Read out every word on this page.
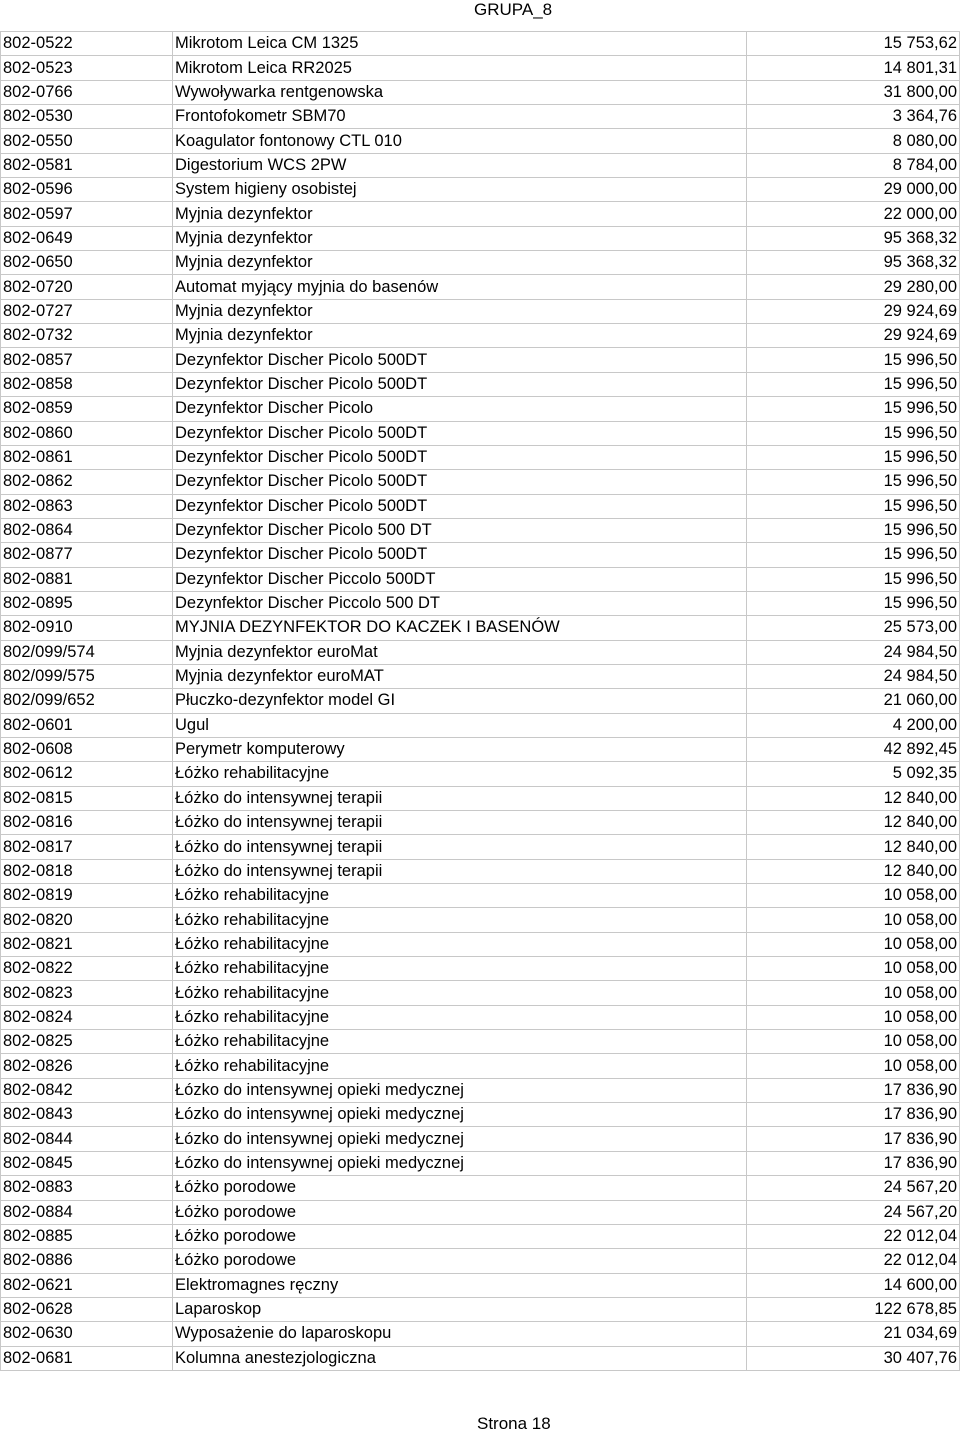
GRUPA_8
802-0522	Mikrotom Leica CM 1325	15 753,62
802-0523	Mikrotom Leica RR2025	14 801,31
802-0766	Wywoływarka rentgenowska	31 800,00
802-0530	Frontofokometr SBM70	3 364,76
802-0550	Koagulator fontonowy CTL 010	8 080,00
802-0581	Digestorium WCS 2PW	8 784,00
802-0596	System higieny osobistej	29 000,00
802-0597	Myjnia dezynfektor	22 000,00
802-0649	Myjnia dezynfektor	95 368,32
802-0650	Myjnia dezynfektor	95 368,32
802-0720	Automat myjący myjnia do basenów	29 280,00
802-0727	Myjnia dezynfektor	29 924,69
802-0732	Myjnia dezynfektor	29 924,69
802-0857	Dezynfektor Discher Picolo 500DT	15 996,50
802-0858	Dezynfektor Discher Picolo 500DT	15 996,50
802-0859	Dezynfektor Discher Picolo	15 996,50
802-0860	Dezynfektor Discher Picolo 500DT	15 996,50
802-0861	Dezynfektor Discher Picolo 500DT	15 996,50
802-0862	Dezynfektor Discher Picolo 500DT	15 996,50
802-0863	Dezynfektor Discher Picolo 500DT	15 996,50
802-0864	Dezynfektor Discher Picolo 500 DT	15 996,50
802-0877	Dezynfektor Discher Picolo 500DT	15 996,50
802-0881	Dezynfektor Discher Piccolo 500DT	15 996,50
802-0895	Dezynfektor Discher Piccolo 500 DT	15 996,50
802-0910	MYJNIA DEZYNFEKTOR DO KACZEK I BASENÓW	25 573,00
802/099/574	Myjnia dezynfektor euroMat	24 984,50
802/099/575	Myjnia dezynfektor euroMAT	24 984,50
802/099/652	Płuczko-dezynfektor model GI	21 060,00
802-0601	Ugul	4 200,00
802-0608	Perymetr komputerowy	42 892,45
802-0612	Łóżko rehabilitacyjne	5 092,35
802-0815	Łóżko do intensywnej terapii	12 840,00
802-0816	Łóżko do intensywnej terapii	12 840,00
802-0817	Łóżko do intensywnej terapii	12 840,00
802-0818	Łóżko do intensywnej terapii	12 840,00
802-0819	Łóżko rehabilitacyjne	10 058,00
802-0820	Łóżko rehabilitacyjne	10 058,00
802-0821	Łóżko rehabilitacyjne	10 058,00
802-0822	Łóżko rehabilitacyjne	10 058,00
802-0823	Łóżko rehabilitacyjne	10 058,00
802-0824	Łózko rehabilitacyjne	10 058,00
802-0825	Łóżko rehabilitacyjne	10 058,00
802-0826	Łóżko rehabilitacyjne	10 058,00
802-0842	Łózko do intensywnej opieki medycznej	17 836,90
802-0843	Łózko do intensywnej opieki medycznej	17 836,90
802-0844	Łózko do intensywnej opieki medycznej	17 836,90
802-0845	Łózko do intensywnej opieki medycznej	17 836,90
802-0883	Łóżko porodowe	24 567,20
802-0884	Łóżko porodowe	24 567,20
802-0885	Łóżko porodowe	22 012,04
802-0886	Łóżko porodowe	22 012,04
802-0621	Elektromagnes ręczny	14 600,00
802-0628	Laparoskop	122 678,85
802-0630	Wyposażenie do laparoskopu	21 034,69
802-0681	Kolumna anestezjologiczna	30 407,76
Strona 18
